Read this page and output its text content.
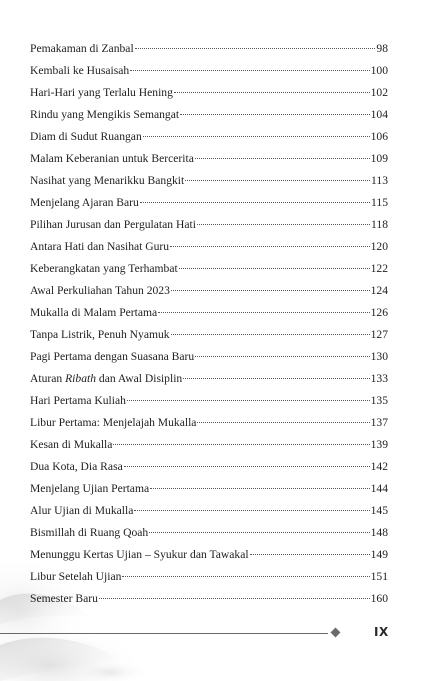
Pemakaman di Zanbal	98
Kembali ke Husaisah	100
Hari-Hari yang Terlalu Hening	102
Rindu yang Mengikis Semangat	104
Diam di Sudut Ruangan	106
Malam Keberanian untuk Bercerita	109
Nasihat yang Menarikku Bangkit	113
Menjelang Ajaran Baru	115
Pilihan Jurusan dan Pergulatan Hati	118
Antara Hati dan Nasihat Guru	120
Keberangkatan yang Terhambat	122
Awal Perkuliahan Tahun 2023	124
Mukalla di Malam Pertama	126
Tanpa Listrik, Penuh Nyamuk	127
Pagi Pertama dengan Suasana Baru	130
Aturan Ribath dan Awal Disiplin	133
Hari Pertama Kuliah	135
Libur Pertama: Menjelajah Mukalla	137
Kesan di Mukalla	139
Dua Kota, Dia Rasa	142
Menjelang Ujian Pertama	144
Alur Ujian di Mukalla	145
Bismillah di Ruang Qoah	148
Menunggu Kertas Ujian – Syukur dan Tawakal	149
Libur Setelah Ujian	151
Semester Baru	160
IX
